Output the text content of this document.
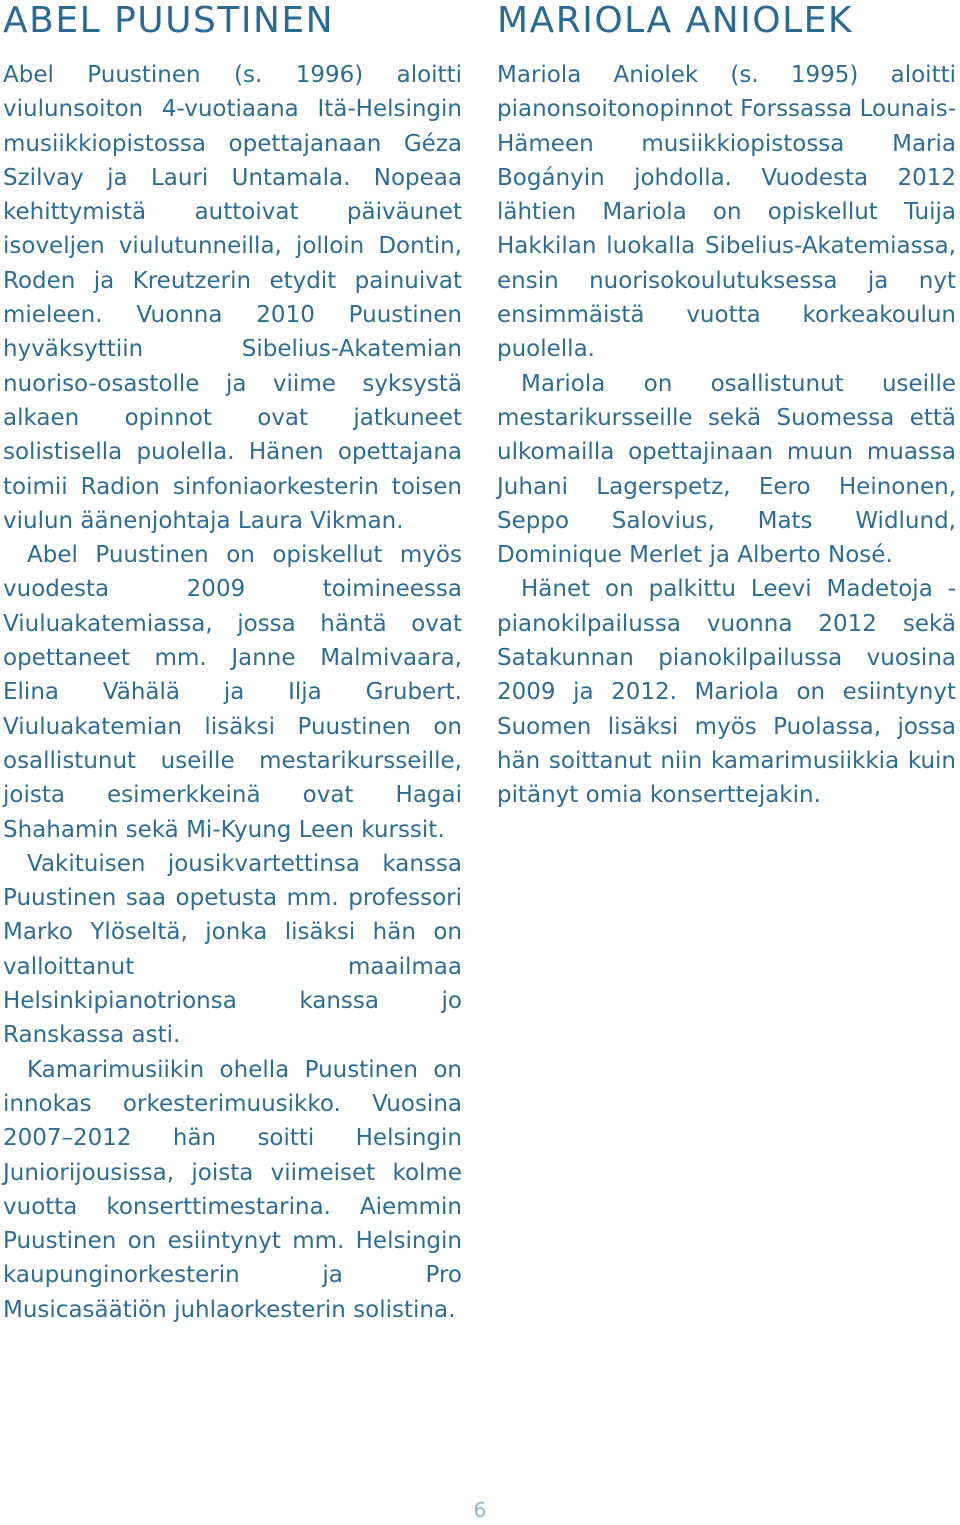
ABEL PUUSTINEN

Abel Puustinen (s. 1996) aloitti viulunsoiton 4-vuotiaana Itä-Helsingin musiikkiopistossa opettajanaan Géza Szilvay ja Lauri Untamala. Nopeaa kehittymistä auttoivat päiväunet isoveljen viulutunneilla, jolloin Dontin, Roden ja Kreutzerin etydit painuivat mieleen. Vuonna 2010 Puustinen hyväksyttiin Sibelius-Akatemian nuoriso-osastolle ja viime syksystä alkaen opinnot ovat jatkuneet solistisella puolella. Hänen opettajana toimii Radion sinfoniaorkesterin toisen viulun äänenjohtaja Laura Vikman.

Abel Puustinen on opiskellut myös vuodesta 2009 toimineessa Viuluakatemiassa, jossa häntä ovat opettaneet mm. Janne Malmivaara, Elina Vähälä ja Ilja Grubert. Viuluakatemian lisäksi Puustinen on osallistunut useille mestarikursseille, joista esimerkkeinä ovat Hagai Shahamin sekä Mi-Kyung Leen kurssit.

Vakituisen jousikvartettinsa kanssa Puustinen saa opetusta mm. professori Marko Ylöseltä, jonka lisäksi hän on valloittanut maailmaa Helsinkipianotrionsa kanssa jo Ranskassa asti.

Kamarimusiikin ohella Puustinen on innokas orkesterimuusikko. Vuosina 2007–2012 hän soitti Helsingin Juniorijousissa, joista viimeiset kolme vuotta konserttimestarina. Aiemmin Puustinen on esiintynyt mm. Helsingin kaupunginorkesterin ja Pro Musicasäätiön juhlaorkesterin solistina.

MARIOLA ANIOLEK

Mariola Aniolek (s. 1995) aloitti pianonsoitonopinnot Forssassa Lounais-Hämeen musiikkiopistossa Maria Bogányin johdolla. Vuodesta 2012 lähtien Mariola on opiskellut Tuija Hakkilan luokalla Sibelius-Akatemiassa, ensin nuorisokoulutuksessa ja nyt ensimmäistä vuotta korkeakoulun puolella.

Mariola on osallistunut useille mestarikursseille sekä Suomessa että ulkomailla opettajinaan muun muassa Juhani Lagerspetz, Eero Heinonen, Seppo Salovius, Mats Widlund, Dominique Merlet ja Alberto Nosé.

Hänet on palkittu Leevi Madetoja -pianokilpailussa vuonna 2012 sekä Satakunnan pianokilpailussa vuosina 2009 ja 2012. Mariola on esiintynyt Suomen lisäksi myös Puolassa, jossa hän soittanut niin kamarimusiikkia kuin pitänyt omia konserttejakin.

6
